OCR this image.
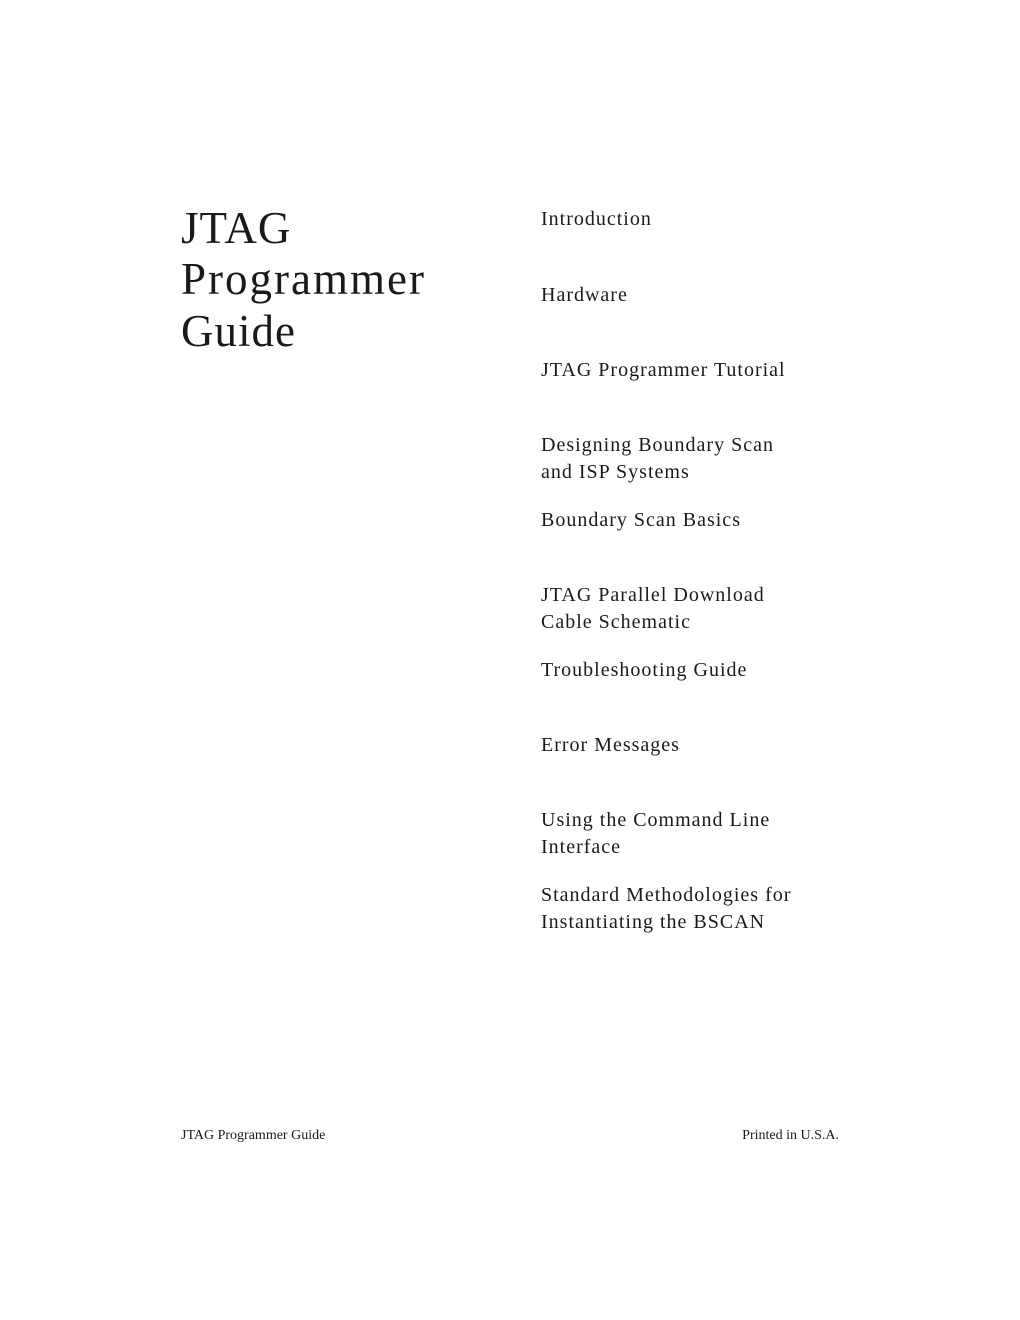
JTAG
Programmer
Guide
Introduction
Hardware
JTAG Programmer Tutorial
Designing Boundary Scan
and ISP Systems
Boundary Scan Basics
JTAG Parallel Download
Cable Schematic
Troubleshooting Guide
Error Messages
Using the Command Line
Interface
Standard Methodologies for
Instantiating the BSCAN
JTAG Programmer Guide	Printed in U.S.A.
